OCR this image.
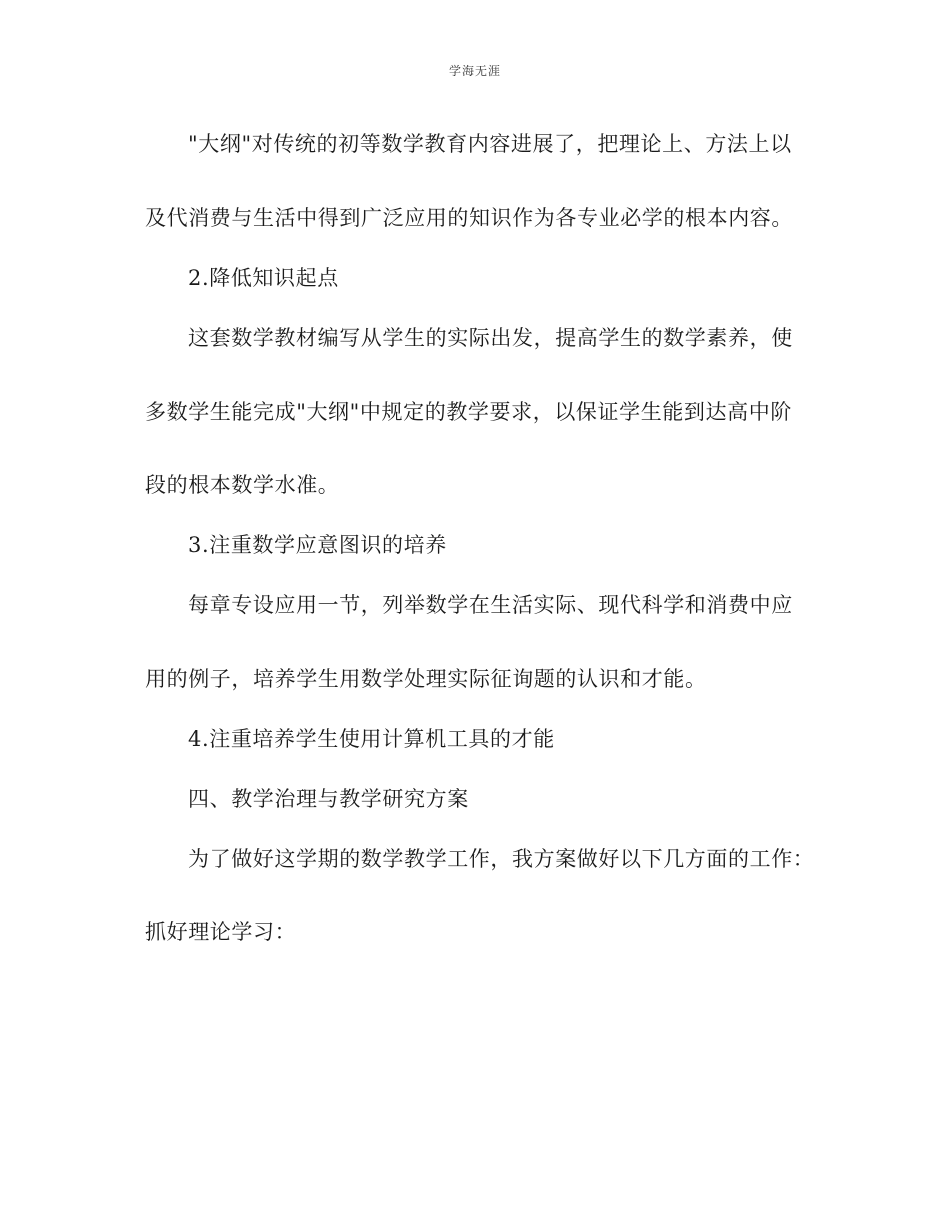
学海无涯
"大纲"对传统的初等数学教育内容进展了，把理论上、方法上以
及代消费与生活中得到广泛应用的知识作为各专业必学的根本内容。
2.降低知识起点
这套数学教材编写从学生的实际出发，提高学生的数学素养，使
多数学生能完成"大纲"中规定的教学要求，以保证学生能到达高中阶
段的根本数学水准。
3.注重数学应意图识的培养
每章专设应用一节，列举数学在生活实际、现代科学和消费中应
用的例子，培养学生用数学处理实际征询题的认识和才能。
4.注重培养学生使用计算机工具的才能
四、教学治理与教学研究方案
为了做好这学期的数学教学工作，我方案做好以下几方面的工作：
抓好理论学习：
